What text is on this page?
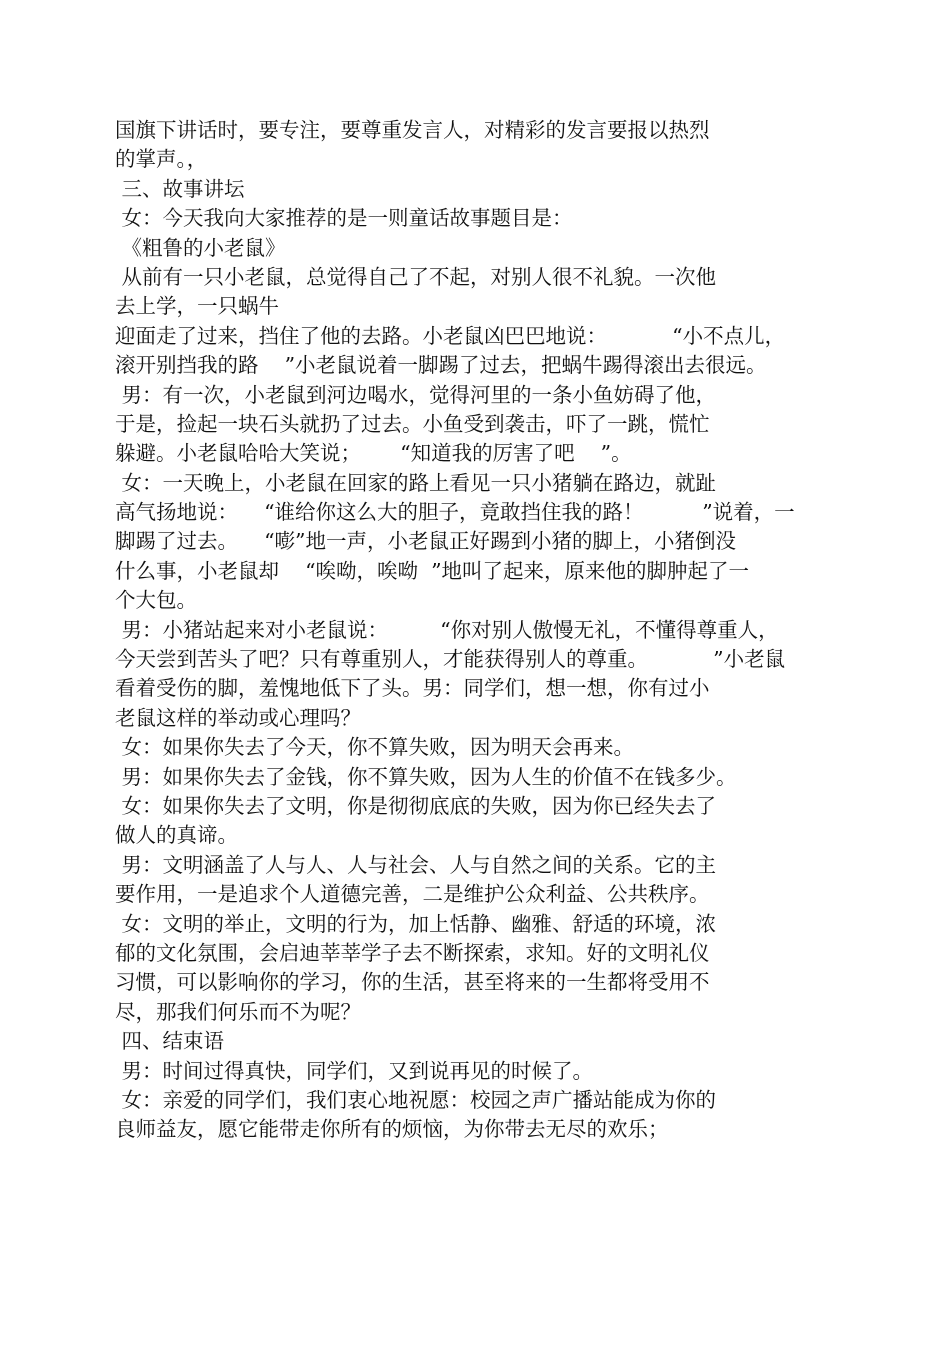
国旗下讲话时，要专注，要尊重发言人，对精彩的发言要报以热烈
的掌声。，
三、故事讲坛
女：今天我向大家推荐的是一则童话故事题目是：
《粗鲁的小老鼠》
从前有一只小老鼠，总觉得自己了不起，对别人很不礼貌。一次他
去上学，一只蜗牛
迎面走了过来，挡住了他的去路。小老鼠凶巴巴地说：          “小不点儿，
滚开别挡我的路    ”小老鼠说着一脚踢了过去，把蜗牛踢得滚出去很远。
男：有一次，小老鼠到河边喝水，觉得河里的一条小鱼妨碍了他，
于是，捡起一块石头就扔了过去。小鱼受到袭击，吓了一跳，慌忙
躲避。小老鼠哈哈大笑说；      “知道我的厉害了吧    ”。
女：一天晚上，小老鼠在回家的路上看见一只小猪躺在路边，就趾
高气扬地说：    “谁给你这么大的胆子，竟敢挡住我的路！         ”说着，一
脚踢了过去。    “嘭”地一声，小老鼠正好踢到小猪的脚上，小猪倒没
什么事，小老鼠却    “唉呦，唉呦  ”地叫了起来，原来他的脚肿起了一
个大包。
男：小猪站起来对小老鼠说：        “你对别人傲慢无礼，不懂得尊重人，
今天尝到苦头了吧？只有尊重别人，才能获得别人的尊重。          ”小老鼠
看着受伤的脚，羞愧地低下了头。男：同学们，想一想，你有过小
老鼠这样的举动或心理吗？
女：如果你失去了今天，你不算失败，因为明天会再来。
男：如果你失去了金钱，你不算失败，因为人生的价值不在钱多少。
女：如果你失去了文明，你是彻彻底底的失败，因为你已经失去了
做人的真谛。
男：文明涵盖了人与人、人与社会、人与自然之间的关系。它的主
要作用，一是追求个人道德完善，二是维护公众利益、公共秩序。
女：文明的举止，文明的行为，加上恬静、幽雅、舒适的环境，浓
郁的文化氛围，会启迪莘莘学子去不断探索，求知。好的文明礼仪
习惯，可以影响你的学习，你的生活，甚至将来的一生都将受用不
尽，那我们何乐而不为呢？
四、结束语
男：时间过得真快，同学们，又到说再见的时候了。
女：亲爱的同学们，我们衷心地祝愿：校园之声广播站能成为你的
良师益友，愿它能带走你所有的烦恼，为你带去无尽的欢乐；
